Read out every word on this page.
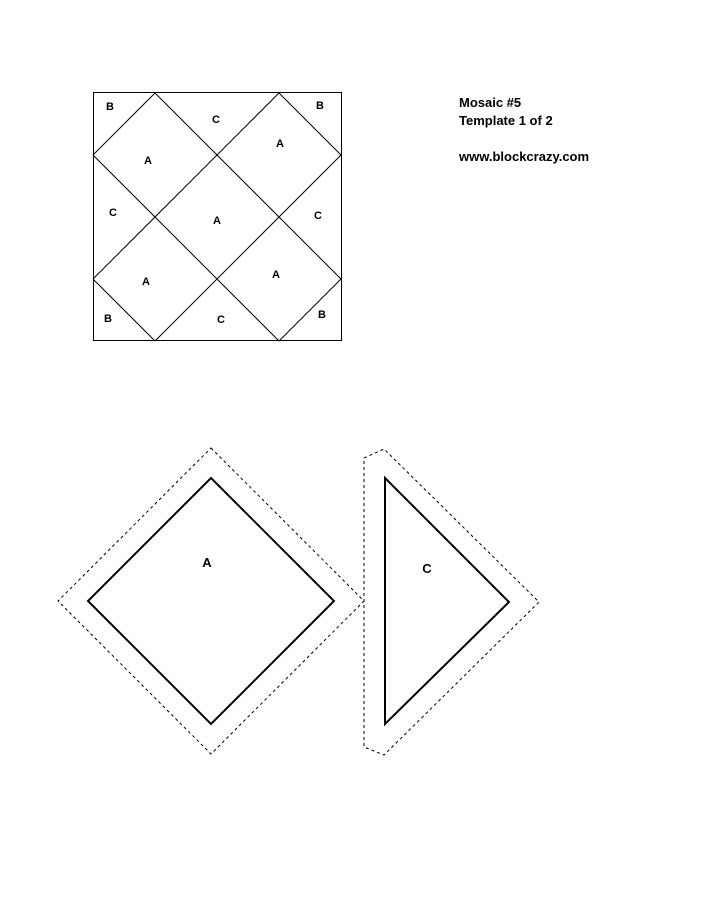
Mosaic #5
Template 1 of 2
www.blockcrazy.com
B
C
B
A
A
C
A	C
A
A
B	C	B
A	C
